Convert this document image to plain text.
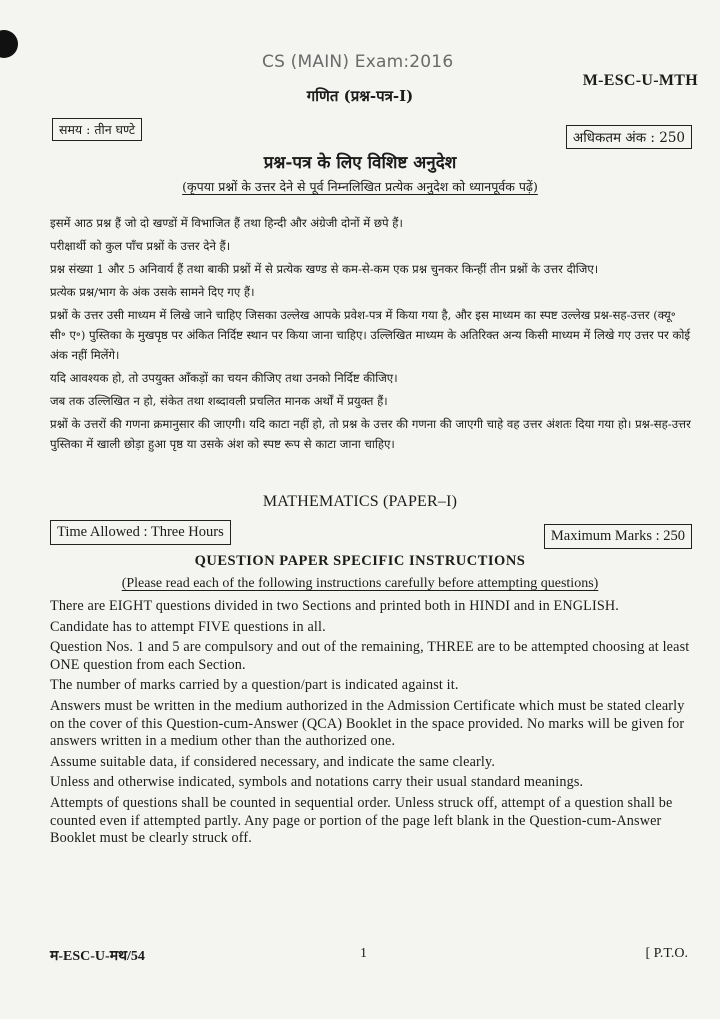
CS (MAIN) Exam:2016
M-ESC-U-MTH
गणित (प्रश्न-पत्र-I)
समय : तीन घण्टे
अधिकतम अंक : 250
प्रश्न-पत्र के लिए विशिष्ट अनुदेश
(कृपया प्रश्नों के उत्तर देने से पूर्व निम्नलिखित प्रत्येक अनुदेश को ध्यानपूर्वक पढ़ें)

इसमें आठ प्रश्न हैं जो दो खण्डों में विभाजित हैं तथा हिन्दी और अंग्रेजी दोनों में छपे हैं।

परीक्षार्थी को कुल पाँच प्रश्नों के उत्तर देने हैं।

प्रश्न संख्या 1 और 5 अनिवार्य हैं तथा बाकी प्रश्नों में से प्रत्येक खण्ड से कम-से-कम एक प्रश्न चुनकर किन्हीं तीन प्रश्नों के उत्तर दीजिए।

प्रत्येक प्रश्न/भाग के अंक उसके सामने दिए गए हैं।

प्रश्नों के उत्तर उसी माध्यम में लिखे जाने चाहिए जिसका उल्लेख आपके प्रवेश-पत्र में किया गया है, और इस माध्यम का स्पष्ट उल्लेख प्रश्न-सह-उत्तर (क्यू॰ सी॰ ए॰) पुस्तिका के मुखपृष्ठ पर अंकित निर्दिष्ट स्थान पर किया जाना चाहिए। उल्लिखित माध्यम के अतिरिक्त अन्य किसी माध्यम में लिखे गए उत्तर पर कोई अंक नहीं मिलेंगे।

यदि आवश्यक हो, तो उपयुक्त आँकड़ों का चयन कीजिए तथा उनको निर्दिष्ट कीजिए।

जब तक उल्लिखित न हो, संकेत तथा शब्दावली प्रचलित मानक अर्थों में प्रयुक्त हैं।

प्रश्नों के उत्तरों की गणना क्रमानुसार की जाएगी। यदि काटा नहीं हो, तो प्रश्न के उत्तर की गणना की जाएगी चाहे वह उत्तर अंशतः दिया गया हो। प्रश्न-सह-उत्तर पुस्तिका में खाली छोड़ा हुआ पृष्ठ या उसके अंश को स्पष्ट रूप से काटा जाना चाहिए।

MATHEMATICS (PAPER–I)
Time Allowed : Three Hours	Maximum Marks : 250
QUESTION PAPER SPECIFIC INSTRUCTIONS
(Please read each of the following instructions carefully before attempting questions)

There are EIGHT questions divided in two Sections and printed both in HINDI and in ENGLISH.

Candidate has to attempt FIVE questions in all.

Question Nos. 1 and 5 are compulsory and out of the remaining, THREE are to be attempted choosing at least ONE question from each Section.

The number of marks carried by a question/part is indicated against it.

Answers must be written in the medium authorized in the Admission Certificate which must be stated clearly on the cover of this Question-cum-Answer (QCA) Booklet in the space provided. No marks will be given for answers written in a medium other than the authorized one.

Assume suitable data, if considered necessary, and indicate the same clearly.

Unless and otherwise indicated, symbols and notations carry their usual standard meanings.

Attempts of questions shall be counted in sequential order. Unless struck off, attempt of a question shall be counted even if attempted partly. Any page or portion of the page left blank in the Question-cum-Answer Booklet must be clearly struck off.

म-ESC-U-मथ/54	1	[ P.T.O.
